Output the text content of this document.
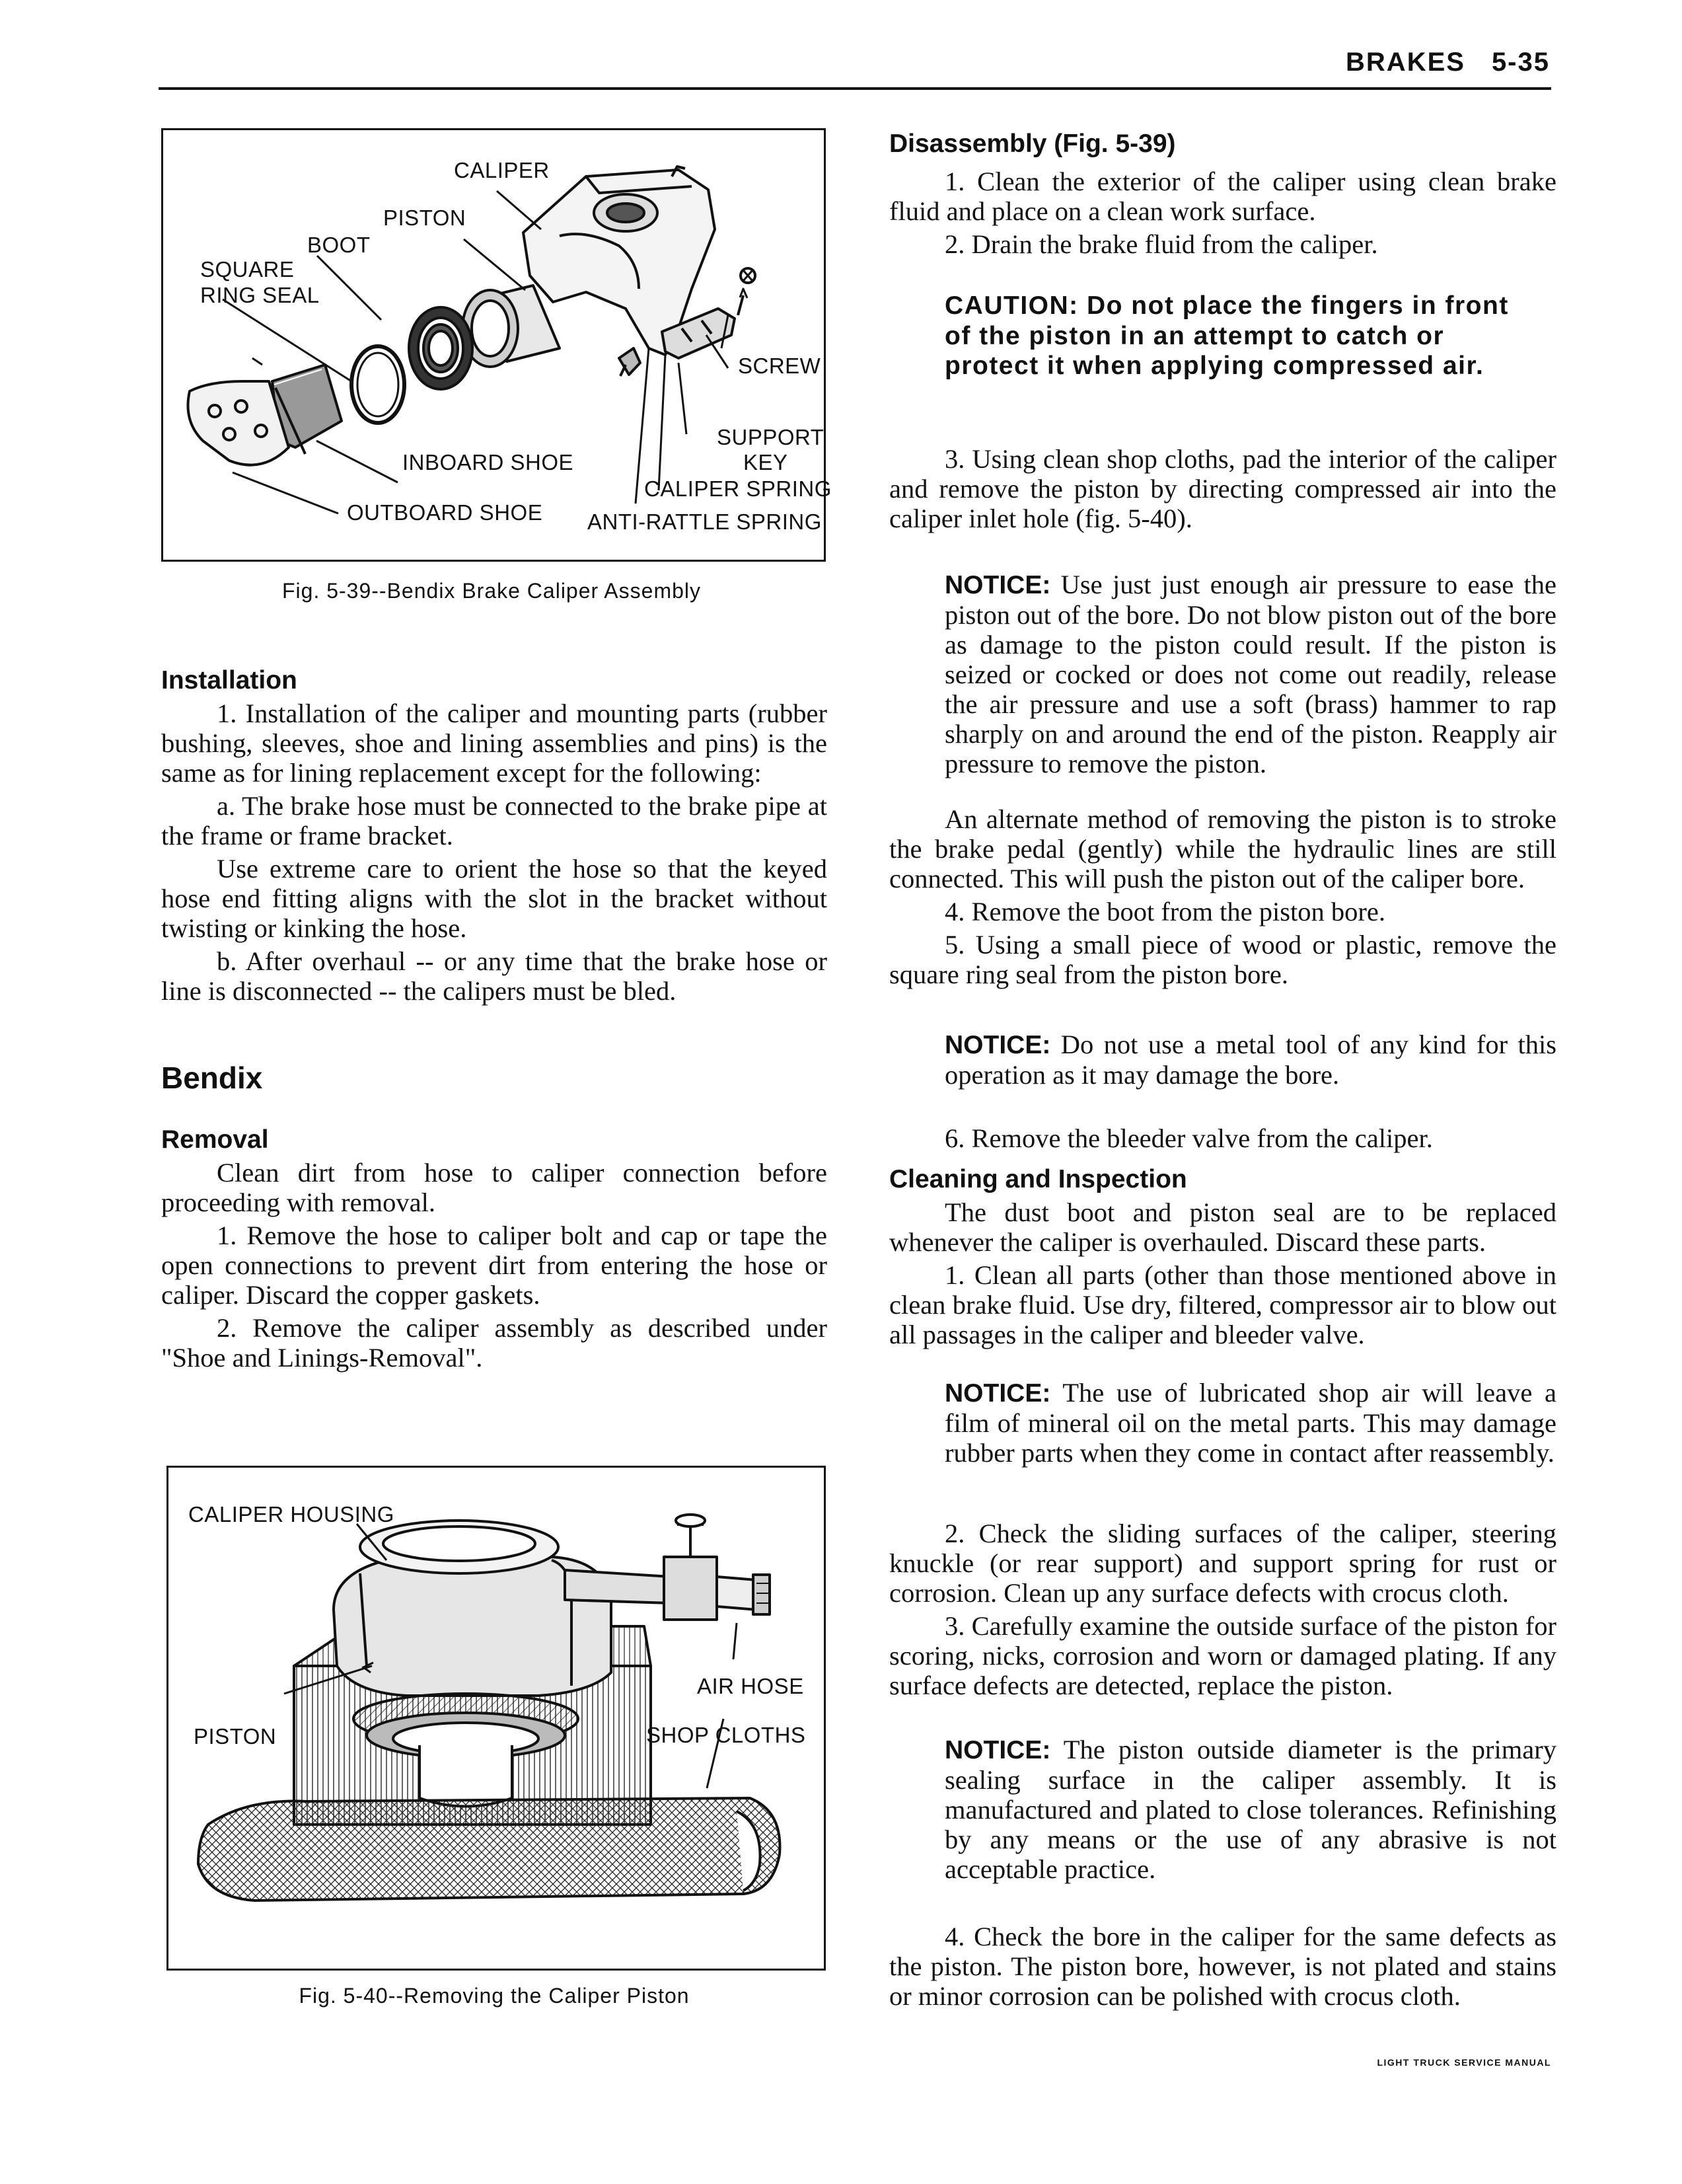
BRAKES 5-35
CALIPER
PISTON
BOOT
SQUARE
RING SEAL
SCREW
SUPPORT
KEY
INBOARD SHOE
CALIPER SPRING
OUTBOARD SHOE ANTI-RATTLE SPRING
Fig. 5-39--Bendix Brake Caliper Assembly
Installation

1. Installation of the caliper and mounting parts (rubber bushing, sleeves, shoe and lining assemblies and pins) is the same as for lining replacement except for the following:

a. The brake hose must be connected to the brake pipe at the frame or frame bracket.

Use extreme care to orient the hose so that the keyed hose end fitting aligns with the slot in the bracket without twisting or kinking the hose.

b. After overhaul -- or any time that the brake hose or line is disconnected -- the calipers must be bled.

Bendix
Removal

Clean dirt from hose to caliper connection before proceeding with removal.

1. Remove the hose to caliper bolt and cap or tape the open connections to prevent dirt from entering the hose or caliper. Discard the copper gaskets.

2. Remove the caliper assembly as described under "Shoe and Linings-Removal".

CALIPER HOUSING
AIR HOSE
PISTON	SHOP CLOTHS
Fig. 5-40--Removing the Caliper Piston
Disassembly (Fig. 5-39)

1. Clean the exterior of the caliper using clean brake fluid and place on a clean work surface.

2. Drain the brake fluid from the caliper.

CAUTION: Do not place the fingers in front of the piston in an attempt to catch or protect it when applying compressed air.

3. Using clean shop cloths, pad the interior of the caliper and remove the piston by directing compressed air into the caliper inlet hole (fig. 5-40).

NOTICE: Use just just enough air pressure to ease the piston out of the bore. Do not blow piston out of the bore as damage to the piston could result. If the piston is seized or cocked or does not come out readily, release the air pressure and use a soft (brass) hammer to rap sharply on and around the end of the piston. Reapply air pressure to remove the piston.

An alternate method of removing the piston is to stroke the brake pedal (gently) while the hydraulic lines are still connected. This will push the piston out of the caliper bore.

4. Remove the boot from the piston bore.

5. Using a small piece of wood or plastic, remove the square ring seal from the piston bore.

NOTICE: Do not use a metal tool of any kind for this operation as it may damage the bore.

6. Remove the bleeder valve from the caliper.

Cleaning and Inspection

The dust boot and piston seal are to be replaced whenever the caliper is overhauled. Discard these parts.

1. Clean all parts (other than those mentioned above in clean brake fluid. Use dry, filtered, compressor air to blow out all passages in the caliper and bleeder valve.

NOTICE: The use of lubricated shop air will leave a film of mineral oil on the metal parts. This may damage rubber parts when they come in contact after reassembly.

2. Check the sliding surfaces of the caliper, steering knuckle (or rear support) and support spring for rust or corrosion. Clean up any surface defects with crocus cloth.

3. Carefully examine the outside surface of the piston for scoring, nicks, corrosion and worn or damaged plating. If any surface defects are detected, replace the piston.

NOTICE: The piston outside diameter is the primary sealing surface in the caliper assembly. It is manufactured and plated to close tolerances. Refinishing by any means or the use of any abrasive is not acceptable practice.

4. Check the bore in the caliper for the same defects as the piston. The piston bore, however, is not plated and stains or minor corrosion can be polished with crocus cloth.

LIGHT TRUCK SERVICE MANUAL
